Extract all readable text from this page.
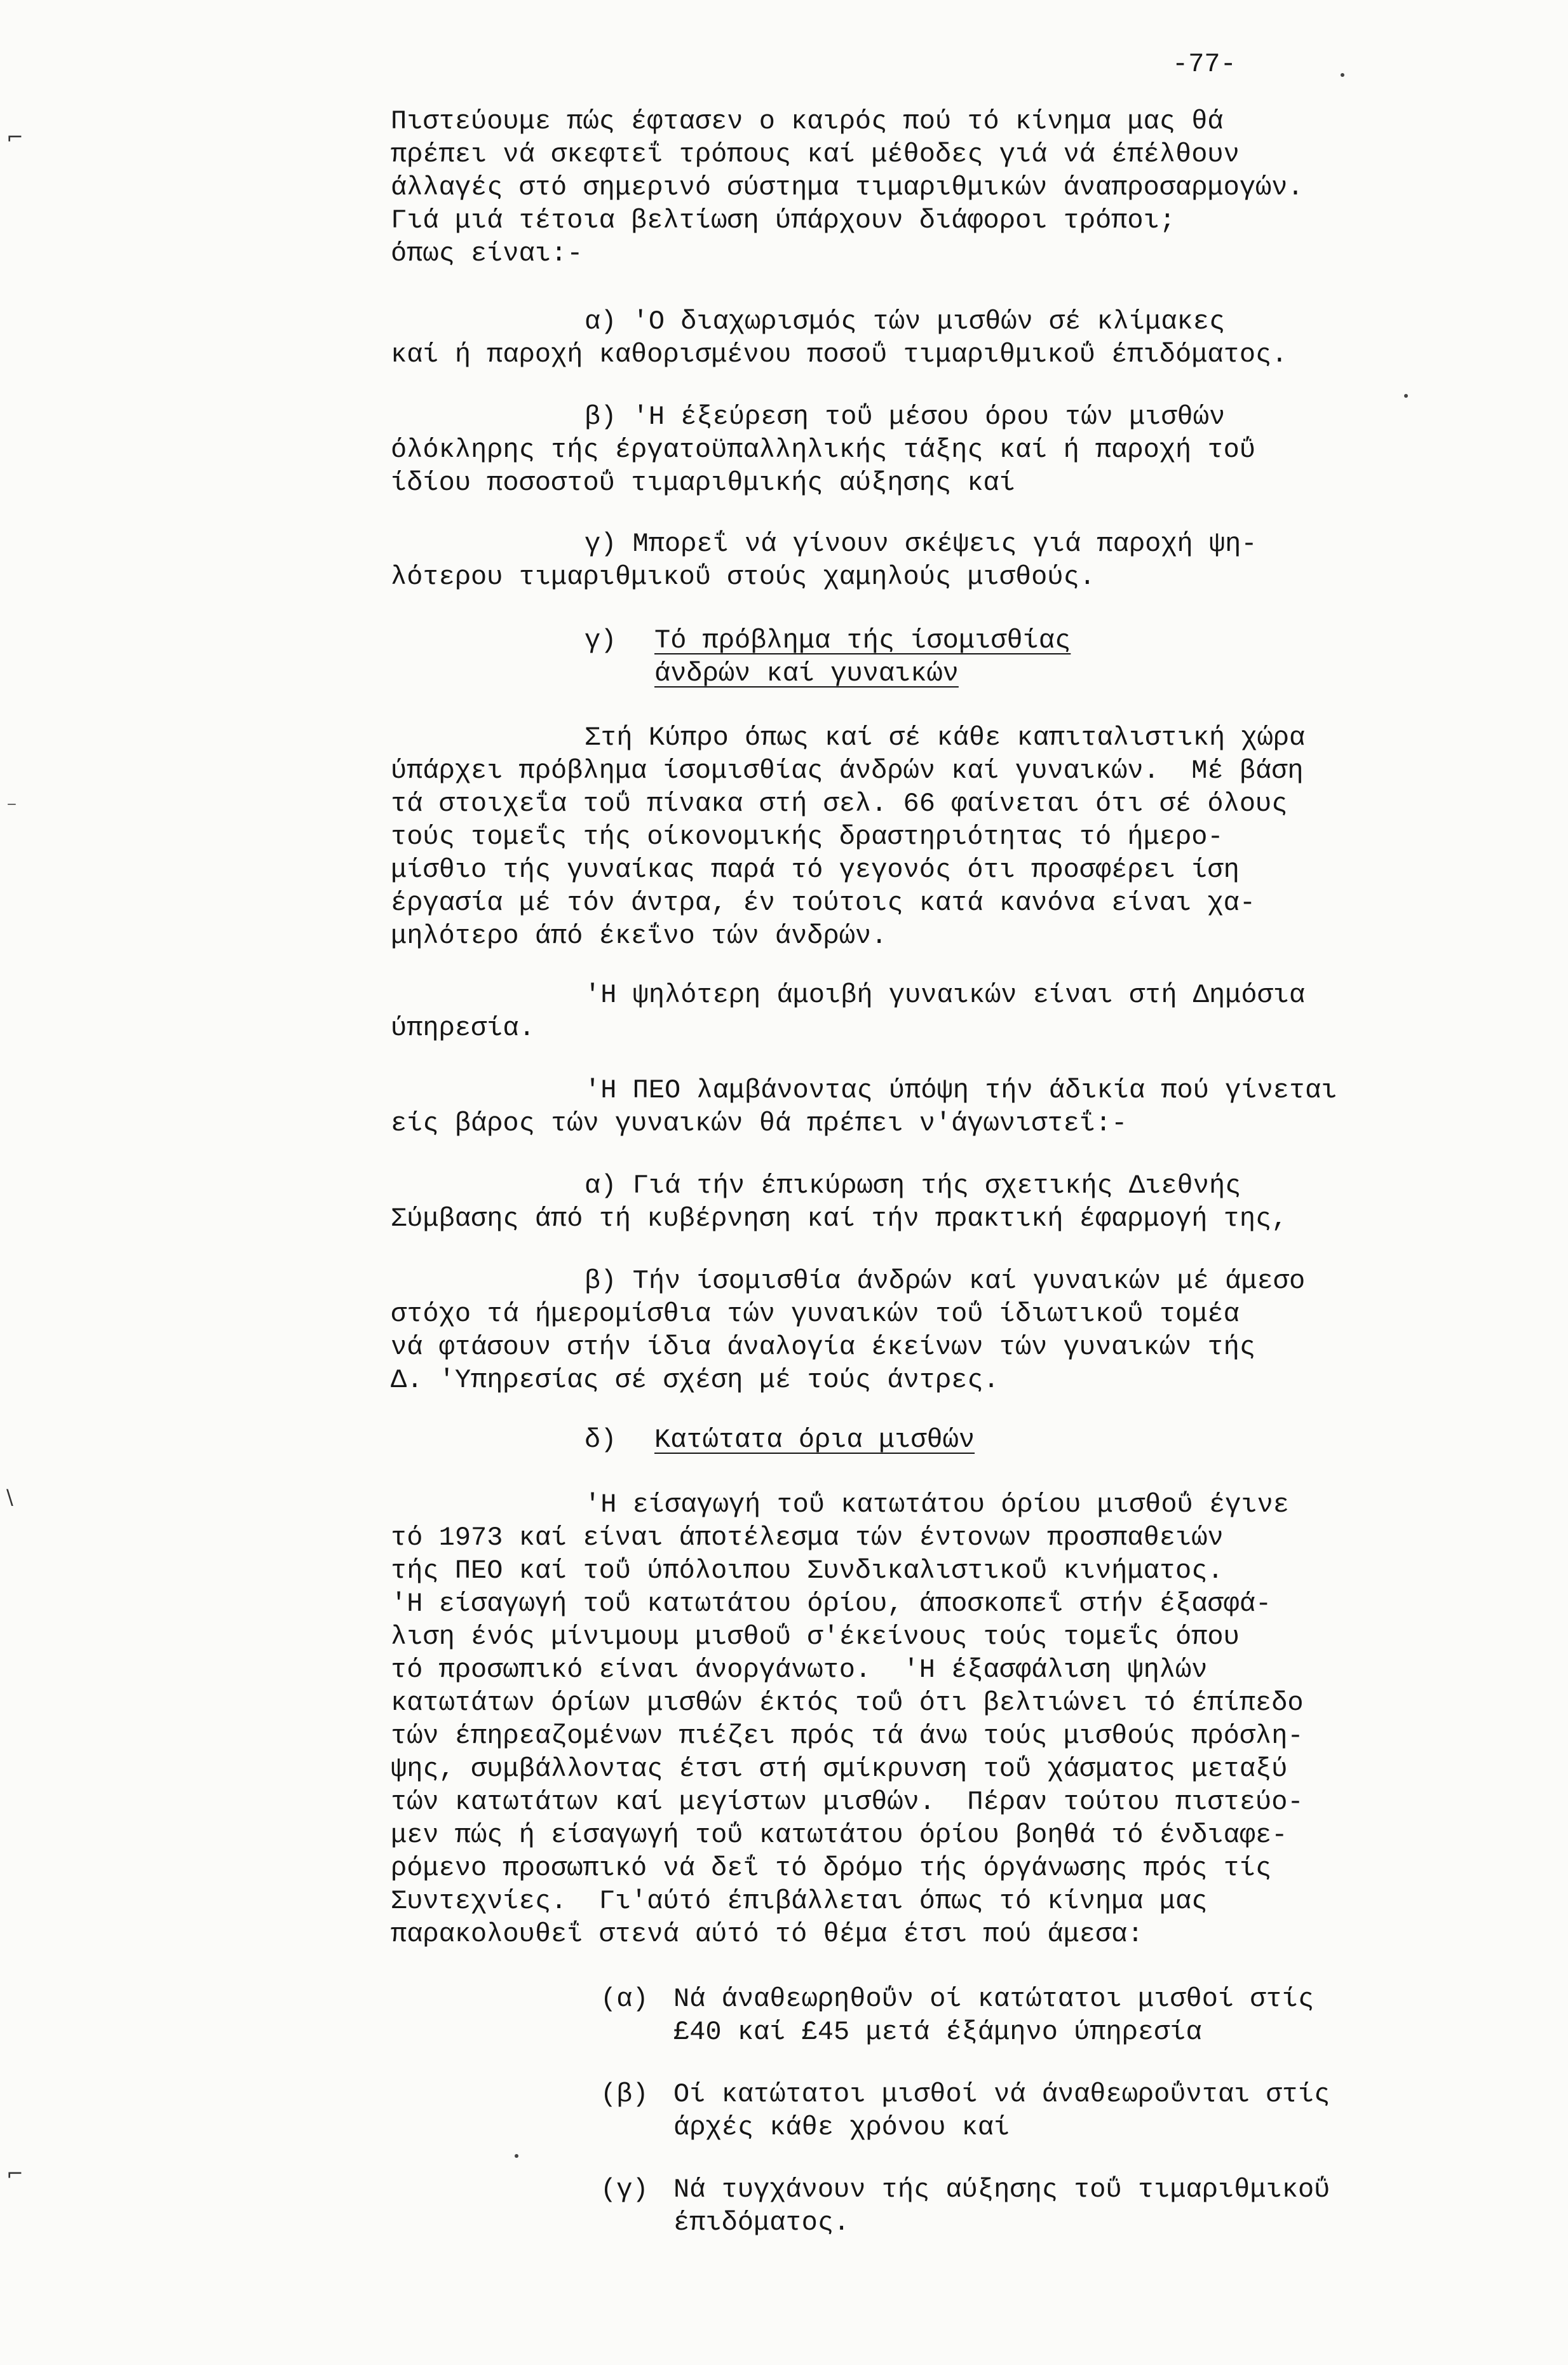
⌐
⁻
\
⌐
-77-
Πιστεύουμε πώς έφτασεν ο καιρός πού τό κίνημα μας θά
πρέπει νά σκεφτεΐ τρόπους καί μέθοδες γιά νά έπέλθουν
άλλαγές στό σημερινό σύστημα τιμαριθμικών άναπροσαρμογών.
Γιά μιά τέτοια βελτίωση ύπάρχουν διάφοροι τρόποι;
όπως είναι:-
α) 'Ο διαχωρισμός τών μισθών σέ κλίμακες
καί ή παροχή καθορισμένου ποσοΰ τιμαριθμικοΰ έπιδόματος.
β) 'Η έξεύρεση τοΰ μέσου όρου τών μισθών
όλόκληρης τής έργατοϋπαλληλικής τάξης καί ή παροχή τοΰ
ίδίου ποσοστοΰ τιμαριθμικής αύξησης καί
γ) Μπορεΐ νά γίνουν σκέψεις γιά παροχή ψη-
λότερου τιμαριθμικοΰ στούς χαμηλούς μισθούς.
γ) Τό πρόβλημα τής ίσομισθίας
άνδρών καί γυναικών
Στή Κύπρο όπως καί σέ κάθε καπιταλιστική χώρα
ύπάρχει πρόβλημα ίσομισθίας άνδρών καί γυναικών.  Μέ βάση
τά στοιχεΐα τοΰ πίνακα στή σελ. 66 φαίνεται ότι σέ όλους
τούς τομεΐς τής οίκονομικής δραστηριότητας τό ήμερο-
μίσθιο τής γυναίκας παρά τό γεγονός ότι προσφέρει ίση
έργασία μέ τόν άντρα, έν τούτοις κατά κανόνα είναι χα-
μηλότερο άπό έκεΐνο τών άνδρών.
'Η ψηλότερη άμοιβή γυναικών είναι στή Δημόσια
ύπηρεσία.
'Η ΠΕΟ λαμβάνοντας ύπόψη τήν άδικία πού γίνεται
είς βάρος τών γυναικών θά πρέπει ν'άγωνιστεΐ:-
α) Γιά τήν έπικύρωση τής σχετικής Διεθνής
Σύμβασης άπό τή κυβέρνηση καί τήν πρακτική έφαρμογή της,
β) Τήν ίσομισθία άνδρών καί γυναικών μέ άμεσο
στόχο τά ήμερομίσθια τών γυναικών τοΰ ίδιωτικοΰ τομέα
νά φτάσουν στήν ίδια άναλογία έκείνων τών γυναικών τής
Δ. 'Υπηρεσίας σέ σχέση μέ τούς άντρες.
δ) Κατώτατα όρια μισθών
'Η είσαγωγή τοΰ κατωτάτου όρίου μισθοΰ έγινε
τό 1973 καί είναι άποτέλεσμα τών έντονων προσπαθειών
τής ΠΕΟ καί τοΰ ύπόλοιπου Συνδικαλιστικοΰ κινήματος.
'Η είσαγωγή τοΰ κατωτάτου όρίου, άποσκοπεΐ στήν έξασφά-
λιση ένός μίνιμουμ μισθοΰ σ'έκείνους τούς τομεΐς όπου
τό προσωπικό είναι άνοργάνωτο.  'Η έξασφάλιση ψηλών
κατωτάτων όρίων μισθών έκτός τοΰ ότι βελτιώνει τό έπίπεδο
τών έπηρεαζομένων πιέζει πρός τά άνω τούς μισθούς πρόσλη-
ψης, συμβάλλοντας έτσι στή σμίκρυνση τοΰ χάσματος μεταξύ
τών κατωτάτων καί μεγίστων μισθών.  Πέραν τούτου πιστεύο-
μεν πώς ή είσαγωγή τοΰ κατωτάτου όρίου βοηθά τό ένδιαφε-
ρόμενο προσωπικό νά δεΐ τό δρόμο τής όργάνωσης πρός τίς
Συντεχνίες.  Γι'αύτό έπιβάλλεται όπως τό κίνημα μας
παρακολουθεΐ στενά αύτό τό θέμα έτσι πού άμεσα:
(α) Νά άναθεωρηθοΰν οί κατώτατοι μισθοί στίς
£40 καί £45 μετά έξάμηνο ύπηρεσία
(β) Οί κατώτατοι μισθοί νά άναθεωροΰνται στίς
άρχές κάθε χρόνου καί
(γ) Νά τυγχάνουν τής αύξησης τοΰ τιμαριθμικοΰ
έπιδόματος.
